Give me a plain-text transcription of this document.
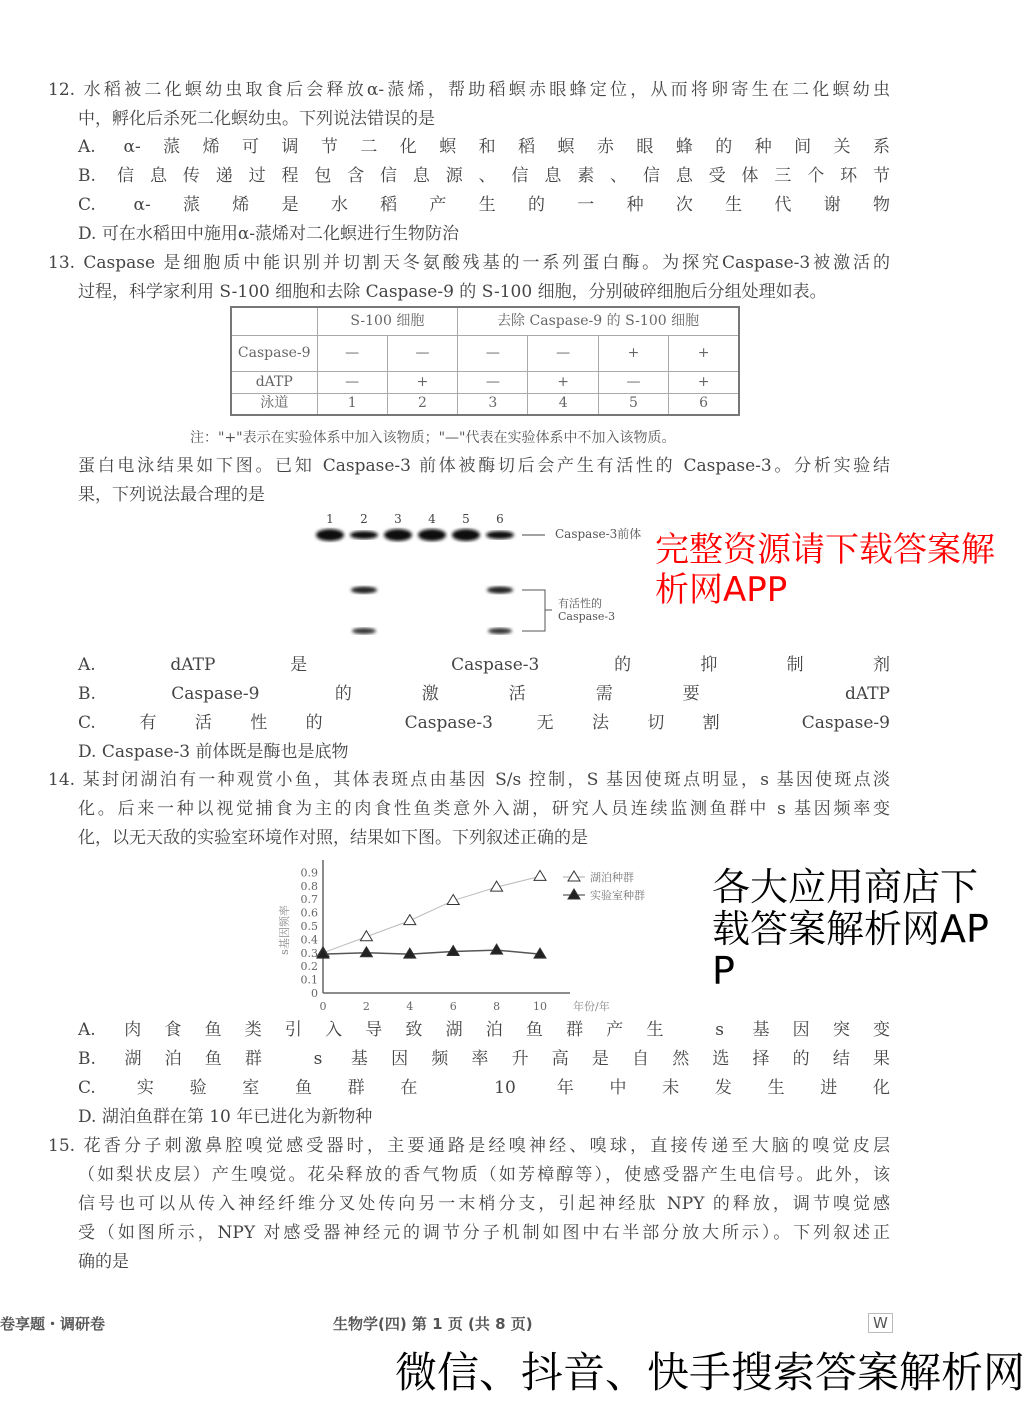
12. 水稻被二化螟幼虫取食后会释放α-蒎烯，帮助稻螟赤眼蜂定位，从而将卵寄生在二化螟幼虫
中，孵化后杀死二化螟幼虫。下列说法错误的是
A. α-蒎烯可调节二化螟和稻螟赤眼蜂的种间关系
B. 信息传递过程包含信息源、信息素、信息受体三个环节
C. α-蒎烯是水稻产生的一种次生代谢物
D. 可在水稻田中施用α-蒎烯对二化螟进行生物防治
13. Caspase 是细胞质中能识别并切割天冬氨酸残基的一系列蛋白酶。为探究Caspase-3被激活的
过程，科学家利用 S-100 细胞和去除 Caspase-9 的 S-100 细胞，分别破碎细胞后分组处理如表。
蛋白电泳结果如下图。已知 Caspase-3 前体被酶切后会产生有活性的 Caspase-3。分析实验结
果，下列说法最合理的是
A. dATP 是 Caspase-3 的抑制剂
B. Caspase-9 的激活需要 dATP
C. 有活性的 Caspase-3 无法切割 Caspase-9
D. Caspase-3 前体既是酶也是底物
14. 某封闭湖泊有一种观赏小鱼，其体表斑点由基因 S/s 控制，S 基因使斑点明显，s 基因使斑点淡
化。后来一种以视觉捕食为主的肉食性鱼类意外入湖，研究人员连续监测鱼群中 s 基因频率变
化，以无天敌的实验室环境作对照，结果如下图。下列叙述正确的是
A. 肉食鱼类引入导致湖泊鱼群产生 s 基因突变
B. 湖泊鱼群 s 基因频率升高是自然选择的结果
C. 实验室鱼群在 10 年中未发生进化
D. 湖泊鱼群在第 10 年已进化为新物种
15. 花香分子刺激鼻腔嗅觉感受器时，主要通路是经嗅神经、嗅球，直接传递至大脑的嗅觉皮层
（如梨状皮层）产生嗅觉。花朵释放的香气物质（如芳樟醇等），使感受器产生电信号。此外，该
信号也可以从传入神经纤维分叉处传向另一末梢分支，引起神经肽 NPY 的释放，调节嗅觉感
受（如图所示，NPY 对感受器神经元的调节分子机制如图中右半部分放大所示）。下列叙述正
确的是
	S-100 细胞		去除 Caspase-9 的 S-100 细胞			
Caspase-9	—	—	—	—	+	+
dATP	—	+	—	+	—	+
泳道	1	2	3	4	5	6
注："+"表示在实验体系中加入该物质；"—"代表在实验体系中不加入该物质。
1 2 3 4 5 6
Caspase-3前体
有活性的Caspase-3
0
0.1
0.2
0.3
0.4
0.5
0.6
0.7
0.8
0.9
0	2	4	6	8	10 年份/年
s基因频率
湖泊种群
实验室种群
卷享题・调研卷	生物学(四) 第 1 页 (共 8 页)	W
各大应用商店下载答案解析网APP
完整资源请下载答案解析网APP
微信、抖音、快手搜索答案解析网
